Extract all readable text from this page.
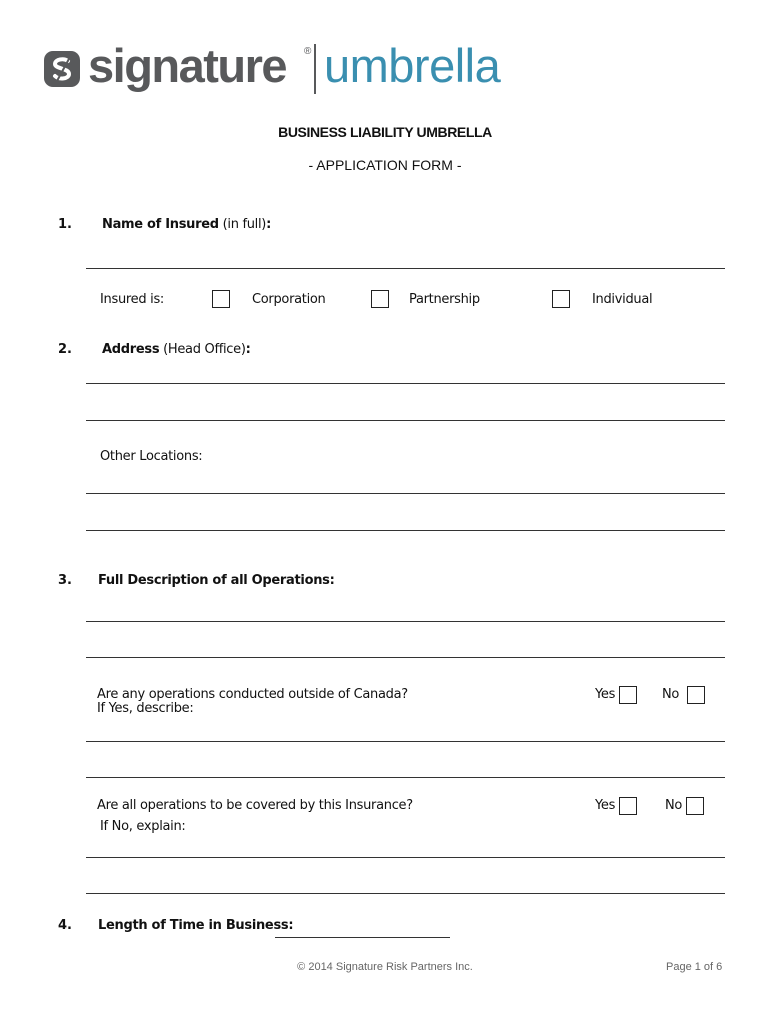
signature ® umbrella
BUSINESS LIABILITY UMBRELLA
- APPLICATION FORM -
1. Name of Insured (in full):
Insured is:	Corporation	Partnership	Individual
2. Address (Head Office):
Other Locations:
3. Full Description of all Operations:
Are any operations conducted outside of Canada?
If Yes, describe:
Yes	No
Are all operations to be covered by this Insurance?
If No, explain:
Yes	No
4. Length of Time in Business:
© 2014 Signature Risk Partners Inc.	Page 1 of 6
